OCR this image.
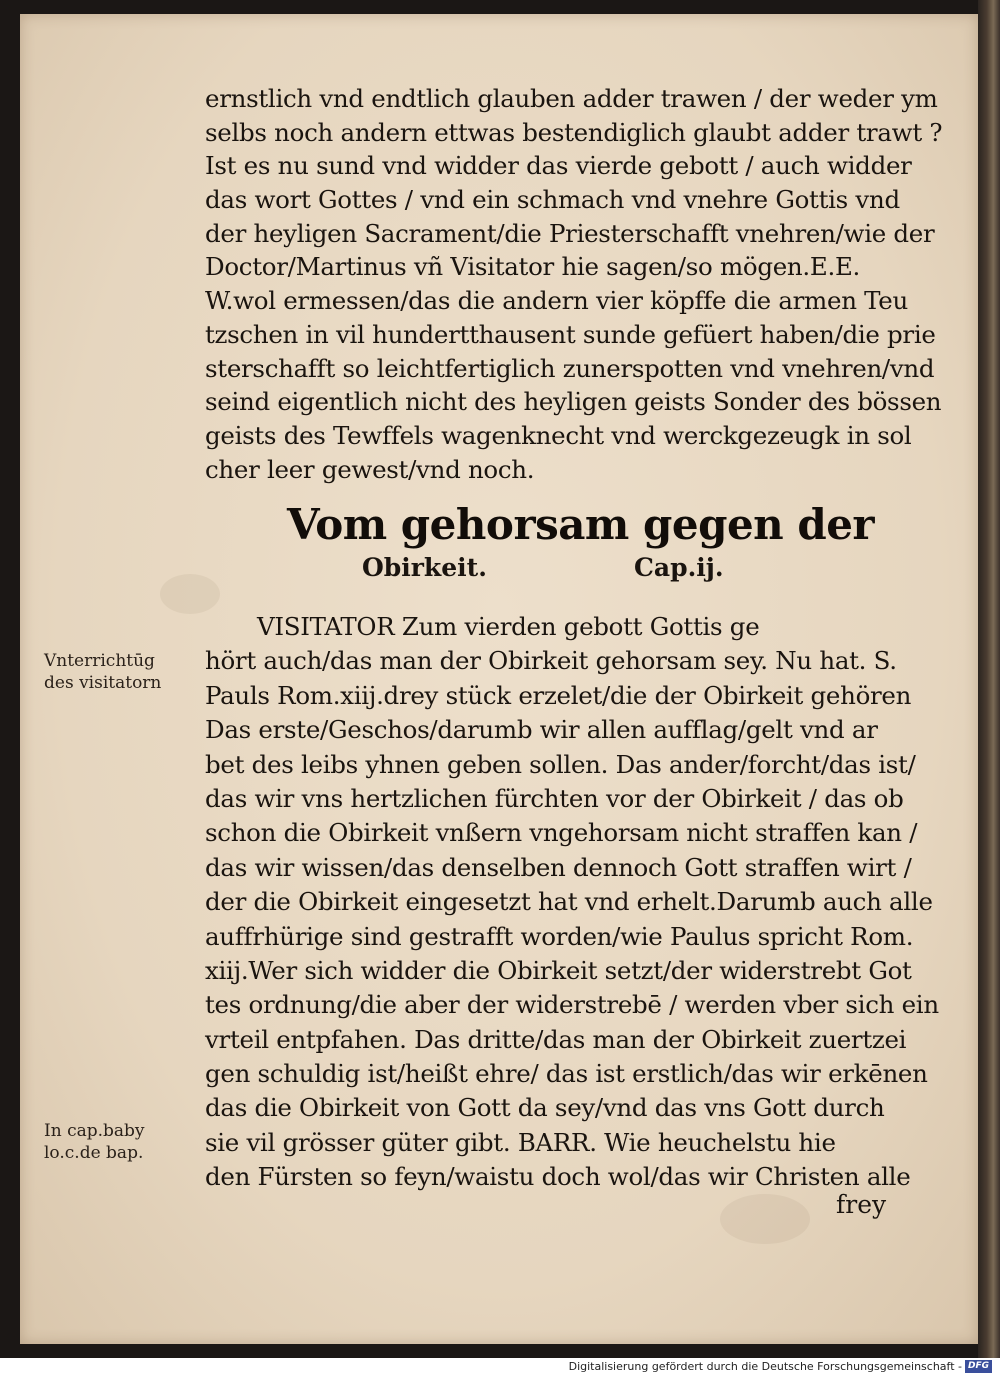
ernstlich vnd endtlich glauben adder trawen / der weder ym
selbs noch andern ettwas bestendiglich glaubt adder trawt ?
Ist es nu sund vnd widder das vierde gebott / auch widder
das wort Gottes / vnd ein schmach vnd vnehre Gottis vnd
der heyligen Sacrament/die Priesterschafft vnehren/wie der
Doctor/Martinus vñ Visitator hie sagen/so mögen.E.E.
W.wol ermessen/das die andern vier köpffe die armen Teu
tzschen in vil hundertthausent sunde gefüert haben/die prie
sterschafft so leichtfertiglich zunerspotten vnd vnehren/vnd
seind eigentlich nicht des heyligen geists Sonder des bössen
geists des Tewffels wagenknecht vnd werckgezeugk in sol
cher leer gewest/vnd noch.
Vom gehorsam gegen der
Obirkeit.	Cap.ij.
VISITATOR Zum vierden gebott Gottis ge
hört auch/das man der Obirkeit gehorsam sey. Nu hat. S.
Pauls Rom.xiij.drey stück erzelet/die der Obirkeit gehören
Das erste/Geschos/darumb wir allen aufflag/gelt vnd ar
bet des leibs yhnen geben sollen. Das ander/forcht/das ist/
das wir vns hertzlichen fürchten vor der Obirkeit / das ob
schon die Obirkeit vnßern vngehorsam nicht straffen kan /
das wir wissen/das denselben dennoch Gott straffen wirt /
der die Obirkeit eingesetzt hat vnd erhelt.Darumb auch alle
auffrhürige sind gestrafft worden/wie Paulus spricht Rom.
xiij.Wer sich widder die Obirkeit setzt/der widerstrebt Got
tes ordnung/die aber der widerstrebē / werden vber sich ein
vrteil entpfahen. Das dritte/das man der Obirkeit zuertzei
gen schuldig ist/heißt ehre/ das ist erstlich/das wir erkēnen
das die Obirkeit von Gott da sey/vnd das vns Gott durch
sie vil grösser güter gibt. BARR. Wie heuchelstu hie
den Fürsten so feyn/waistu doch wol/das wir Christen alle
frey
Vnterrichtūg
des visitatorn
In cap.baby
lo.c.de bap.
Digitalisierung gefördert durch die Deutsche Forschungsgemeinschaft - DFG
